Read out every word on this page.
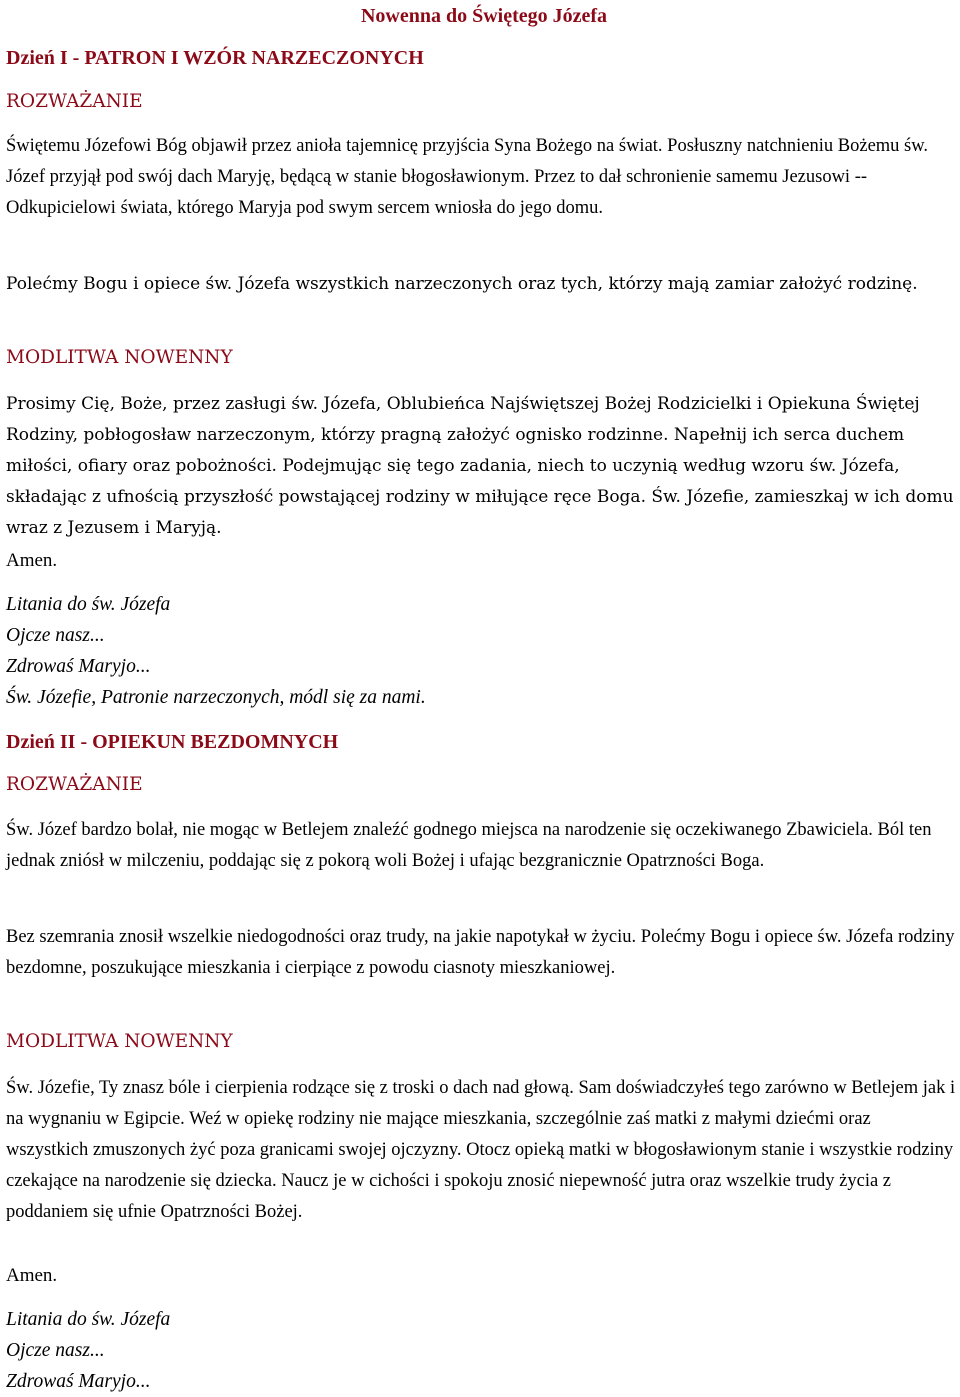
Nowenna do Świętego Józefa

Dzień I - PATRON I WZÓR NARZECZONYCH

ROZWAŻANIE

Świętemu Józefowi Bóg objawił przez anioła tajemnicę przyjścia Syna Bożego na świat. Posłuszny natchnieniu Bożemu św. Józef przyjął pod swój dach Maryję, będącą w stanie błogosławionym. Przez to dał schronienie samemu Jezusowi -- Odkupicielowi świata, którego Maryja pod swym sercem wniosła do jego domu.

Polećmy Bogu i opiece św. Józefa wszystkich narzeczonych oraz tych, którzy mają zamiar założyć rodzinę.

MODLITWA NOWENNY

Prosimy Cię, Boże, przez zasługi św. Józefa, Oblubieńca Najświętszej Bożej Rodzicielki i Opiekuna Świętej Rodziny, pobłogosław narzeczonym, którzy pragną założyć ognisko rodzinne. Napełnij ich serca duchem miłości, ofiary oraz pobożności. Podejmując się tego zadania, niech to uczynią według wzoru św. Józefa, składając z ufnością przyszłość powstającej rodziny w miłujące ręce Boga. Św. Józefie, zamieszkaj w ich domu wraz z Jezusem i Maryją.

Amen.

Litania do św. Józefa

Ojcze nasz...

Zdrowaś Maryjo...

Św. Józefie, Patronie narzeczonych, módl się za nami.

Dzień II - OPIEKUN BEZDOMNYCH

ROZWAŻANIE

Św. Józef bardzo bolał, nie mogąc w Betlejem znaleźć godnego miejsca na narodzenie się oczekiwanego Zbawiciela. Ból ten jednak zniósł w milczeniu, poddając się z pokorą woli Bożej i ufając bezgranicznie Opatrzności Boga.

Bez szemrania znosił wszelkie niedogodności oraz trudy, na jakie napotykał w życiu. Polećmy Bogu i opiece św. Józefa rodziny bezdomne, poszukujące mieszkania i cierpiące z powodu ciasnoty mieszkaniowej.

MODLITWA NOWENNY

Św. Józefie, Ty znasz bóle i cierpienia rodzące się z troski o dach nad głową. Sam doświadczyłeś tego zarówno w Betlejem jak i na wygnaniu w Egipcie. Weź w opiekę rodziny nie mające mieszkania, szczególnie zaś matki z małymi dziećmi oraz wszystkich zmuszonych żyć poza granicami swojej ojczyzny. Otocz opieką matki w błogosławionym stanie i wszystkie rodziny czekające na narodzenie się dziecka. Naucz je w cichości i spokoju znosić niepewność jutra oraz wszelkie trudy życia z poddaniem się ufnie Opatrzności Bożej.

Amen.

Litania do św. Józefa

Ojcze nasz...

Zdrowaś Maryjo...
